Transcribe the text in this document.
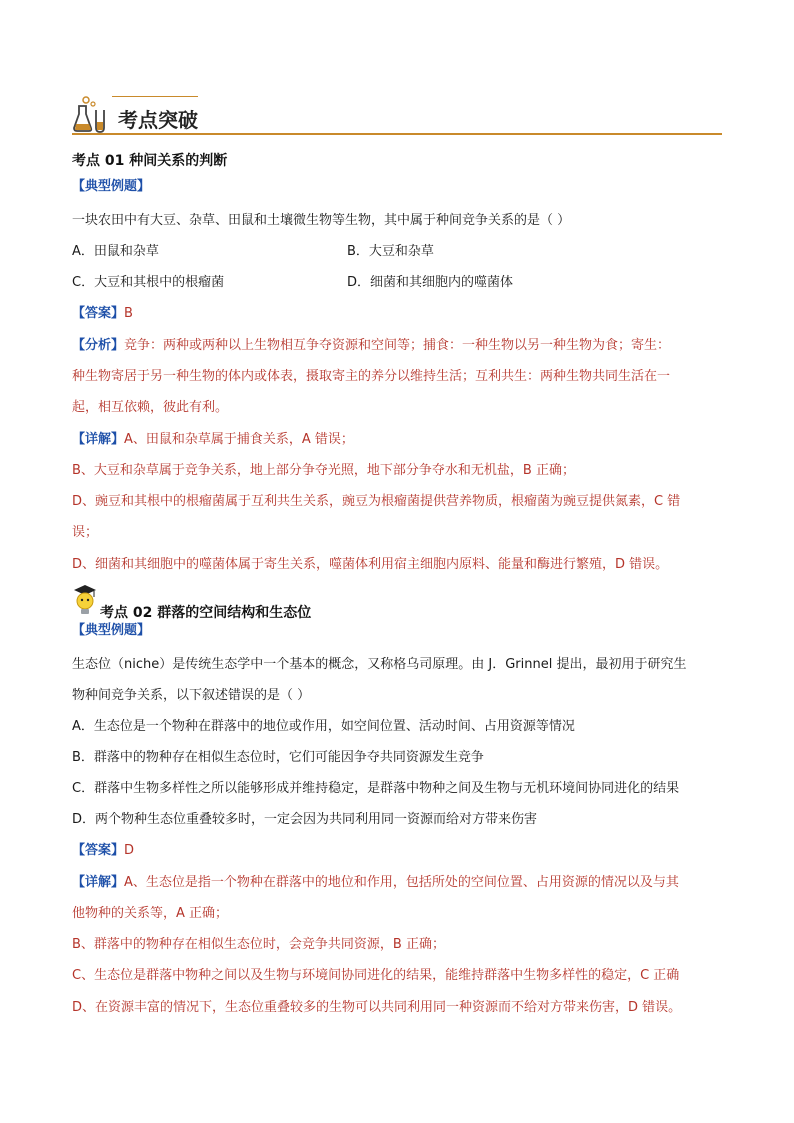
考点突破
考点 01 种间关系的判断
【典型例题】
一块农田中有大豆、杂草、田鼠和土壤微生物等生物，其中属于种间竞争关系的是（ ）
A．田鼠和杂草	B．大豆和杂草
C．大豆和其根中的根瘤菌	D．细菌和其细胞内的噬菌体
【答案】B
【分析】竞争：两种或两种以上生物相互争夺资源和空间等；捕食：一种生物以另一种生物为食；寄生：
种生物寄居于另一种生物的体内或体表，摄取寄主的养分以维持生活；互利共生：两种生物共同生活在一
起，相互依赖，彼此有利。
【详解】A、田鼠和杂草属于捕食关系，A 错误；
B、大豆和杂草属于竞争关系，地上部分争夺光照，地下部分争夺水和无机盐，B 正确；
D、豌豆和其根中的根瘤菌属于互利共生关系，豌豆为根瘤菌提供营养物质，根瘤菌为豌豆提供氮素，C 错
误；
D、细菌和其细胞中的噬菌体属于寄生关系，噬菌体利用宿主细胞内原料、能量和酶进行繁殖，D 错误。
考点 02 群落的空间结构和生态位
【典型例题】
生态位（niche）是传统生态学中一个基本的概念，又称格乌司原理。由 J．Grinnel 提出，最初用于研究生
物种间竞争关系，以下叙述错误的是（ ）
A．生态位是一个物种在群落中的地位或作用，如空间位置、活动时间、占用资源等情况
B．群落中的物种存在相似生态位时，它们可能因争夺共同资源发生竞争
C．群落中生物多样性之所以能够形成并维持稳定，是群落中物种之间及生物与无机环境间协同进化的结果
D．两个物种生态位重叠较多时，一定会因为共同利用同一资源而给对方带来伤害
【答案】D
【详解】A、生态位是指一个物种在群落中的地位和作用，包括所处的空间位置、占用资源的情况以及与其
他物种的关系等，A 正确；
B、群落中的物种存在相似生态位时，会竞争共同资源，B 正确；
C、生态位是群落中物种之间以及生物与环境间协同进化的结果，能维持群落中生物多样性的稳定，C 正确
D、在资源丰富的情况下，生态位重叠较多的生物可以共同利用同一种资源而不给对方带来伤害，D 错误。
